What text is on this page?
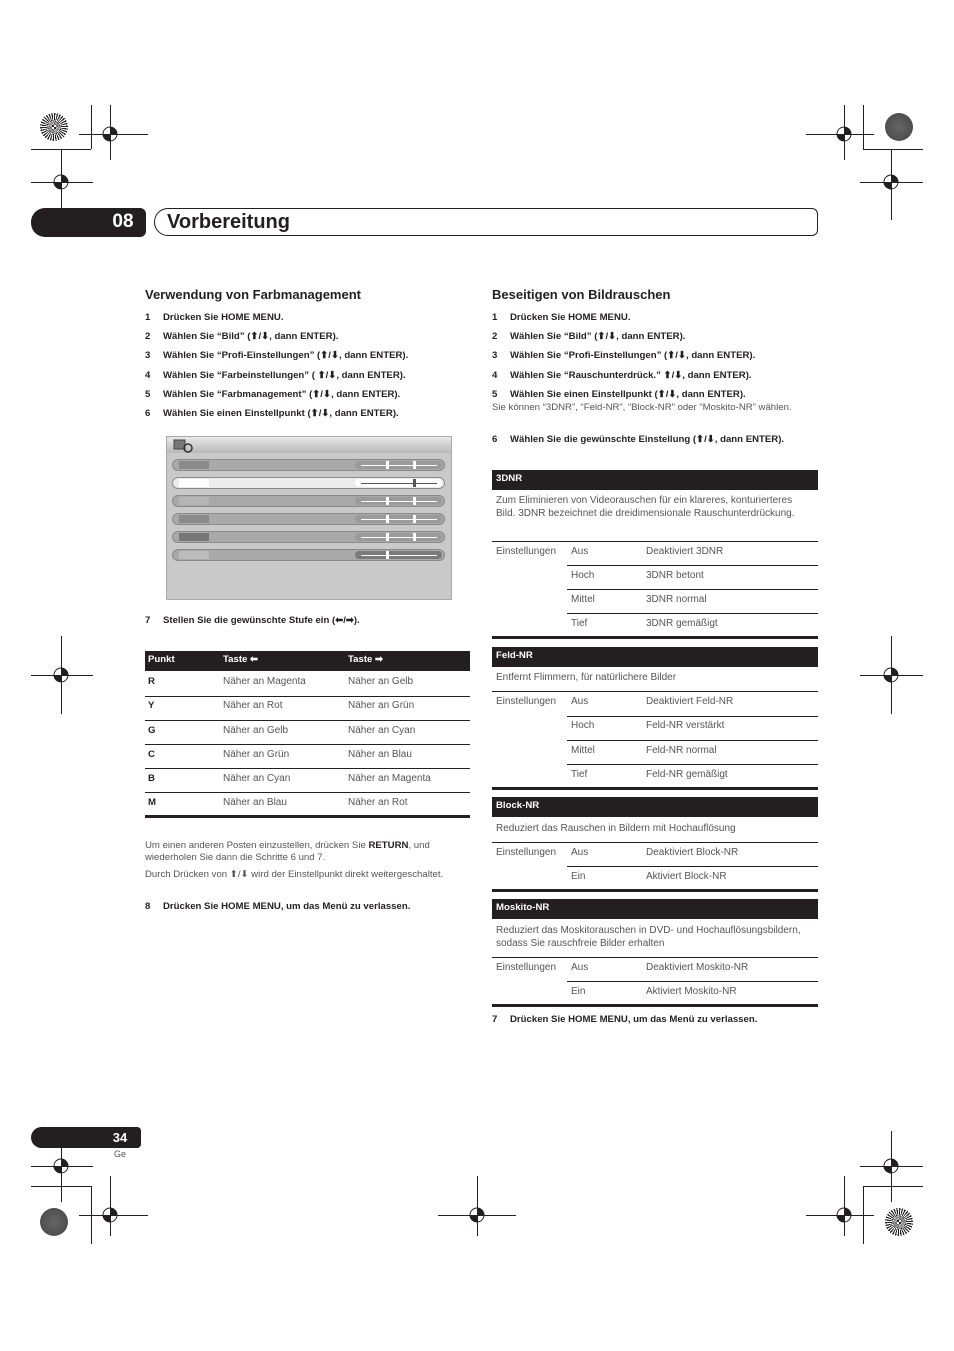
08	Vorbereitung
Verwendung von Farbmanagement
1 Drücken Sie HOME MENU.
2 Wählen Sie “Bild” (⬆/⬇, dann ENTER).
3 Wählen Sie “Profi-Einstellungen” (⬆/⬇, dann ENTER).
4 Wählen Sie “Farbeinstellungen” ( ⬆/⬇, dann ENTER).
5 Wählen Sie “Farbmanagement” (⬆/⬇, dann ENTER).
6 Wählen Sie einen Einstellpunkt (⬆/⬇, dann ENTER).
7 Stellen Sie die gewünschte Stufe ein (⬅/➡).
Punkt	Taste ⬅	Taste ➡
R	Näher an Magenta	Näher an Gelb
Y	Näher an Rot	Näher an Grün
G	Näher an Gelb	Näher an Cyan
C	Näher an Grün	Näher an Blau
B	Näher an Cyan	Näher an Magenta
M	Näher an Blau	Näher an Rot
Um einen anderen Posten einzustellen, drücken Sie RETURN, und wiederholen Sie dann die Schritte 6 und 7.
Durch Drücken von ⬆/⬇ wird der Einstellpunkt direkt weitergeschaltet.
8 Drücken Sie HOME MENU, um das Menü zu verlassen.
Beseitigen von Bildrauschen
1 Drücken Sie HOME MENU.
2 Wählen Sie “Bild” (⬆/⬇, dann ENTER).
3 Wählen Sie “Profi-Einstellungen” (⬆/⬇, dann ENTER).
4 Wählen Sie “Rauschunterdrück.” ⬆/⬇, dann ENTER).
5 Wählen Sie einen Einstellpunkt (⬆/⬇, dann ENTER).
Sie können “3DNR”, “Feld-NR”, “Block-NR” oder “Moskito-NR” wählen.
6 Wählen Sie die gewünschte Einstellung (⬆/⬇, dann ENTER).
3DNR
Zum Eliminieren von Videorauschen für ein klareres, konturierteres Bild. 3DNR bezeichnet die dreidimensionale Rauschunterdrückung.
Einstellungen Aus	Deaktiviert 3DNR
Hoch	3DNR betont
Mittel	3DNR normal
Tief	3DNR gemäßigt
Feld-NR
Entfernt Flimmern, für natürlichere Bilder
Einstellungen Aus	Deaktiviert Feld-NR
Hoch	Feld-NR verstärkt
Mittel	Feld-NR normal
Tief	Feld-NR gemäßigt
Block-NR
Reduziert das Rauschen in Bildern mit Hochauflösung
Einstellungen Aus	Deaktiviert Block-NR
Ein	Aktiviert Block-NR
Moskito-NR
Reduziert das Moskitorauschen in DVD- und Hochauflösungsbildern, sodass Sie rauschfreie Bilder erhalten
Einstellungen Aus	Deaktiviert Moskito-NR
Ein	Aktiviert Moskito-NR
7 Drücken Sie HOME MENU, um das Menü zu verlassen.
34
Ge
